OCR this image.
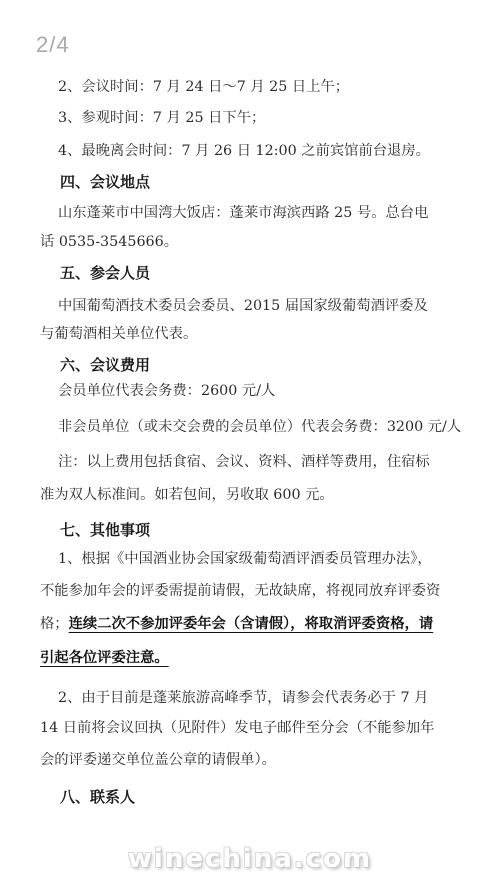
2/4
2、会议时间：7 月 24 日～7 月 25 日上午；
3、参观时间：7 月 25 日下午；
4、最晚离会时间：7 月 26 日 12:00 之前宾馆前台退房。
四、会议地点
山东蓬莱市中国湾大饭店：蓬莱市海滨西路 25 号。总台电
话 0535-3545666。
五、参会人员
中国葡萄酒技术委员会委员、2015 届国家级葡萄酒评委及
与葡萄酒相关单位代表。
六、会议费用
会员单位代表会务费：2600 元/人
非会员单位（或未交会费的会员单位）代表会务费：3200 元/人
注：以上费用包括食宿、会议、资料、酒样等费用，住宿标
准为双人标准间。如若包间，另收取 600 元。
七、其他事项
1、根据《中国酒业协会国家级葡萄酒评酒委员管理办法》，
不能参加年会的评委需提前请假，无故缺席，将视同放弃评委资
格；连续二次不参加评委年会（含请假），将取消评委资格，请
引起各位评委注意。
2、由于目前是蓬莱旅游高峰季节，请参会代表务必于 7 月
14 日前将会议回执（见附件）发电子邮件至分会（不能参加年
会的评委递交单位盖公章的请假单）。
八、联系人
winechina.com
